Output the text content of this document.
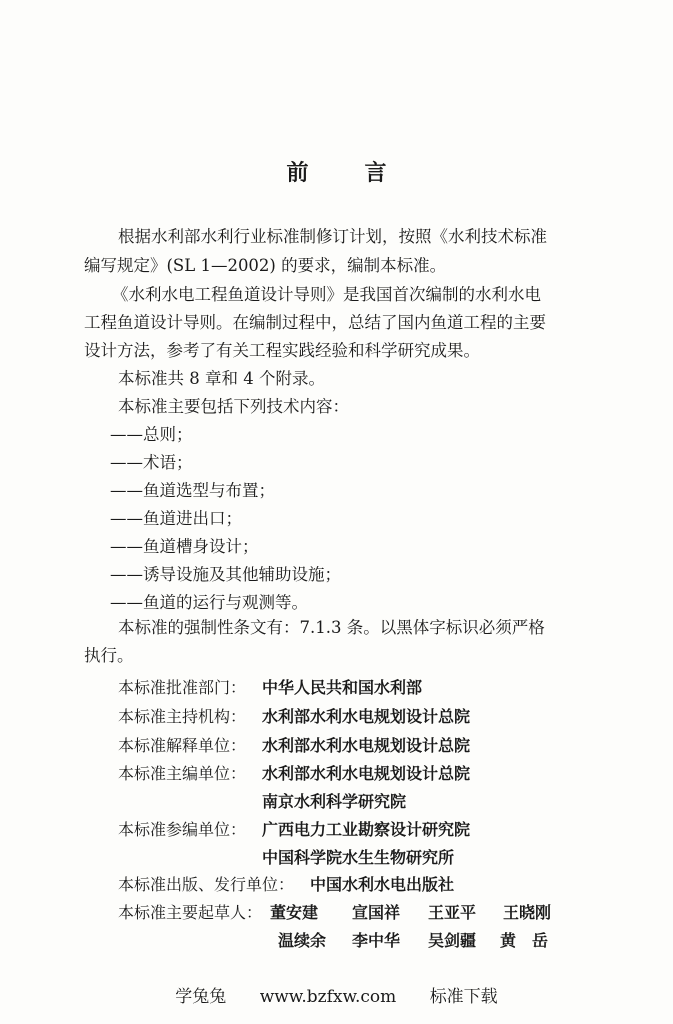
前	言
根据水利部水利行业标准制修订计划，按照《水利技术标准
编写规定》(SL 1—2002) 的要求，编制本标准。
《水利水电工程鱼道设计导则》是我国首次编制的水利水电
工程鱼道设计导则。在编制过程中，总结了国内鱼道工程的主要
设计方法，参考了有关工程实践经验和科学研究成果。
本标准共 8 章和 4 个附录。
本标准主要包括下列技术内容：
——总则；
——术语；
——鱼道选型与布置；
——鱼道进出口；
——鱼道槽身设计；
——诱导设施及其他辅助设施；
——鱼道的运行与观测等。
本标准的强制性条文有：7.1.3 条。以黑体字标识必须严格
执行。
本标准批准部门： 中华人民共和国水利部
本标准主持机构： 水利部水利水电规划设计总院
本标准解释单位： 水利部水利水电规划设计总院
本标准主编单位： 水利部水利水电规划设计总院
南京水利科学研究院
本标准参编单位： 广西电力工业勘察设计研究院
中国科学院水生生物研究所
本标准出版、发行单位： 中国水利水电出版社
本标准主要起草人： 董安建 宣国祥 王亚平 王晓刚
温续余 李中华 吴剑疆 黄　岳
学兔兔 www.bzfxw.com 标准下载
